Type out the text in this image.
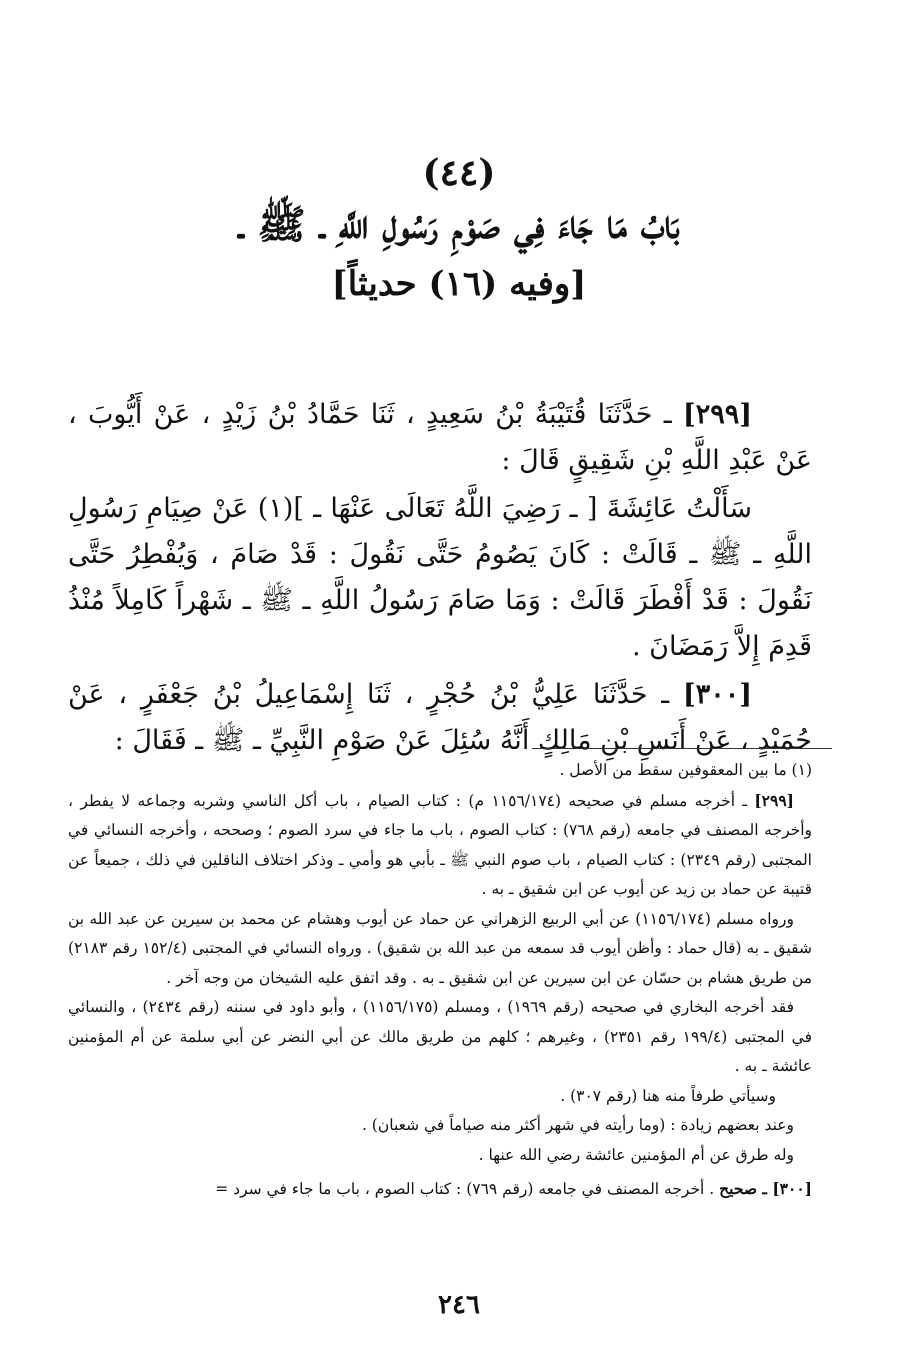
(٤٤)
بَابُ مَا جَاءَ فِي صَوْمِ رَسُولِ اللَّهِ ـ ﷺ ـ
[وفيه (١٦) حديثاً]

[٢٩٩] ـ حَدَّثَنَا قُتَيْبَةُ بْنُ سَعِيدٍ ، ثَنَا حَمَّادُ بْنُ زَيْدٍ ، عَنْ أَيُّوبَ ، عَنْ عَبْدِ اللَّهِ بْنِ شَقِيقٍ قَالَ :

سَأَلْتُ عَائِشَةَ [ ـ رَضِيَ اللَّهُ تَعَالَى عَنْهَا ـ ](١) عَنْ صِيَامِ رَسُولِ اللَّهِ ـ ﷺ ـ قَالَتْ : كَانَ يَصُومُ حَتَّى نَقُولَ : قَدْ صَامَ ، وَيُفْطِرُ حَتَّى نَقُولَ : قَدْ أَفْطَرَ قَالَتْ : وَمَا صَامَ رَسُولُ اللَّهِ ـ ﷺ ـ شَهْراً كَامِلاً مُنْذُ قَدِمَ إِلاَّ رَمَضَانَ .

[٣٠٠] ـ حَدَّثَنَا عَلِيُّ بْنُ حُجْرٍ ، ثَنَا إِسْمَاعِيلُ بْنُ جَعْفَرٍ ، عَنْ حُمَيْدٍ ، عَنْ أَنَسِ بْنِ مَالِكٍ أَنَّهُ سُئِلَ عَنْ صَوْمِ النَّبِيِّ ـ ﷺ ـ فَقَالَ :

(١) ما بين المعقوفين سقط من الأصل .

[٢٩٩] ـ أخرجه مسلم في صحيحه (١١٥٦/١٧٤ م) : كتاب الصيام ، باب أكل الناسي وشربه وجماعه لا يفطر ، وأخرجه المصنف في جامعه (رقم ٧٦٨) : كتاب الصوم ، باب ما جاء في سرد الصوم ؛ وصححه ، وأخرجه النسائي في المجتبى (رقم ٢٣٤٩) : كتاب الصيام ، باب صوم النبي ﷺ ـ بأبي هو وأمي ـ وذكر اختلاف الناقلين في ذلك ، جميعاً عن قتيبة عن حماد بن زيد عن أيوب عن ابن شقيق ـ به .

ورواه مسلم (١١٥٦/١٧٤) عن أبي الربيع الزهراني عن حماد عن أيوب وهشام عن محمد بن سيرين عن عبد الله بن شقيق ـ به (قال حماد : وأظن أيوب قد سمعه من عبد الله بن شقيق) . ورواه النسائي في المجتبى (١٥٢/٤ رقم ٢١٨٣) من طريق هشام بن حسّان عن ابن سيرين عن ابن شقيق ـ به . وقد اتفق عليه الشيخان من وجه آخر .

فقد أخرجه البخاري في صحيحه (رقم ١٩٦٩) ، ومسلم (١١٥٦/١٧٥) ، وأبو داود في سننه (رقم ٢٤٣٤) ، والنسائي في المجتبى (١٩٩/٤ رقم ٢٣٥١) ، وغيرهم ؛ كلهم من طريق مالك عن أبي النضر عن أبي سلمة عن أم المؤمنين عائشة ـ به .

وسيأتي طرفاً منه هنا (رقم ٣٠٧) .

وعند بعضهم زيادة : (وما رأيته في شهر أكثر منه صياماً في شعبان) .

وله طرق عن أم المؤمنين عائشة رضي الله عنها .

[٣٠٠] ـ صحيح . أخرجه المصنف في جامعه (رقم ٧٦٩) : كتاب الصوم ، باب ما جاء في سرد =

٢٤٦
